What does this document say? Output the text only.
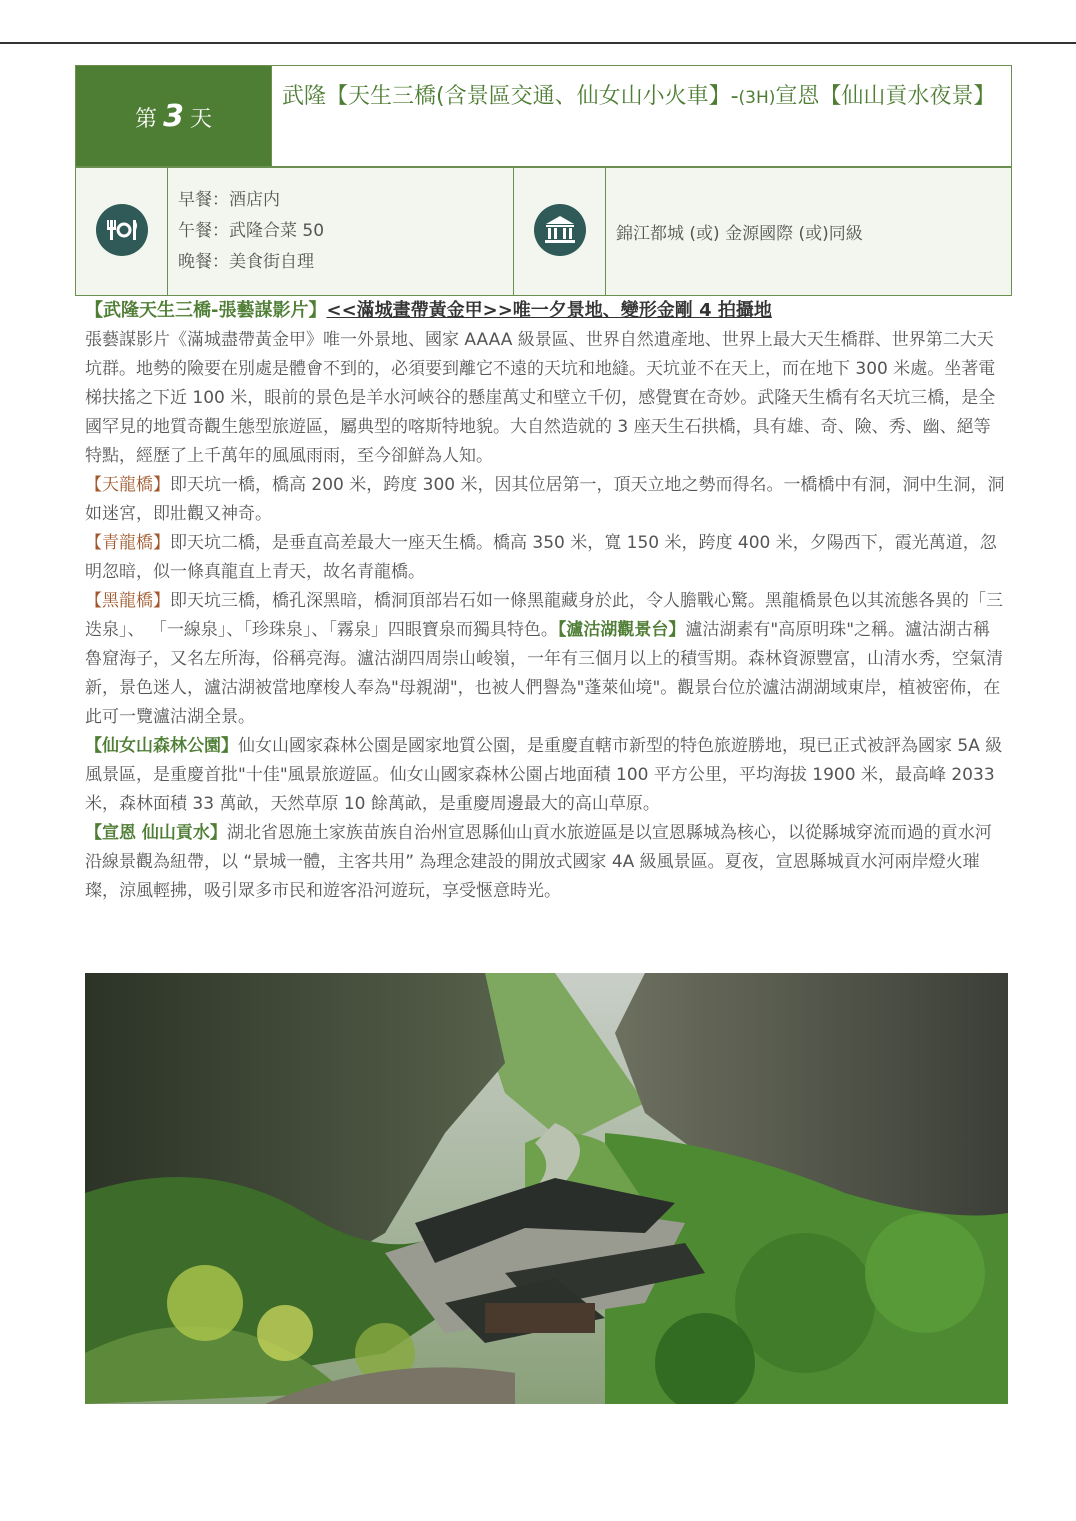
第 3 天	武隆【天生三橋(含景區交通、仙女山小火車】-(3H)宣恩【仙山貢水夜景】

早餐：酒店内
午餐：武隆合菜 50
晚餐：美食街自理
		錦江都城 (或) 金源國際 (或)同級

【武隆天生三橋-張藝謀影片】<<滿城畫帶黃金甲>>唯一夕景地、變形金剛 4 拍攝地

張藝謀影片《滿城盡帶黃金甲》唯一外景地、國家 AAAA 級景區、世界自然遺產地、世界上最大天生橋群、世界第二大天坑群。地勢的險要在別處是體會不到的，必須要到離它不遠的天坑和地縫。天坑並不在天上，而在地下 300 米處。坐著電梯扶搖之下近 100 米，眼前的景色是羊水河峽谷的懸崖萬丈和壁立千仞，感覺實在奇妙。武隆天生橋有名天坑三橋，是全國罕見的地質奇觀生態型旅遊區，屬典型的喀斯特地貌。大自然造就的 3 座天生石拱橋，具有雄、奇、險、秀、幽、絕等特點，經歷了上千萬年的風風雨雨，至今卻鮮為人知。

【天龍橋】即天坑一橋，橋高 200 米，跨度 300 米，因其位居第一，頂天立地之勢而得名。一橋橋中有洞，洞中生洞，洞如迷宮，即壯觀又神奇。

【青龍橋】即天坑二橋，是垂直高差最大一座天生橋。橋高 350 米，寬 150 米，跨度 400 米，夕陽西下，霞光萬道，忽明忽暗，似一條真龍直上青天，故名青龍橋。

【黑龍橋】即天坑三橋，橋孔深黑暗，橋洞頂部岩石如一條黑龍藏身於此，令人膽戰心驚。黑龍橋景色以其流態各異的「三迭泉」、 「一線泉」、「珍珠泉」、「霧泉」四眼寶泉而獨具特色。【瀘沽湖觀景台】瀘沽湖素有"高原明珠"之稱。瀘沽湖古稱魯窟海子，又名左所海，俗稱亮海。瀘沽湖四周崇山峻嶺，一年有三個月以上的積雪期。森林資源豐富，山清水秀，空氣清新，景色迷人，瀘沽湖被當地摩梭人奉為"母親湖"，也被人們譽為"蓬萊仙境"。觀景台位於瀘沽湖湖域東岸，植被密佈，在此可一覽瀘沽湖全景。

【仙女山森林公園】仙女山國家森林公園是國家地質公園，是重慶直轄市新型的特色旅遊勝地，現已正式被評為國家 5A 級風景區，是重慶首批"十佳"風景旅遊區。仙女山國家森林公園占地面積 100 平方公里，平均海拔 1900 米，最高峰 2033 米，森林面積 33 萬畝，天然草原 10 餘萬畝，是重慶周邊最大的高山草原。

【宣恩 仙山貢水】湖北省恩施土家族苗族自治州宣恩縣仙山貢水旅遊區是以宣恩縣城為核心，以從縣城穿流而過的貢水河沿線景觀為紐帶，以 “景城一體，主客共用” 為理念建設的開放式國家 4A 級風景區。夏夜，宣恩縣城貢水河兩岸燈火璀璨，涼風輕拂，吸引眾多市民和遊客沿河遊玩，享受愜意時光。
